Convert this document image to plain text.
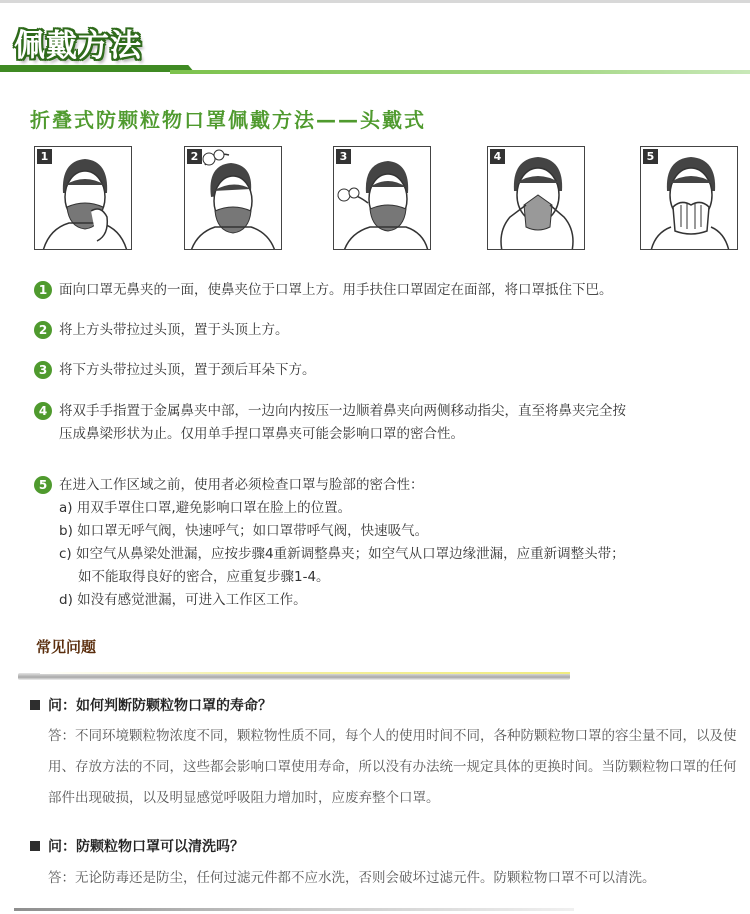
佩戴方法
折叠式防颗粒物口罩佩戴方法——头戴式
1	2	3	4	5
1 面向口罩无鼻夹的一面，使鼻夹位于口罩上方。用手扶住口罩固定在面部，将口罩抵住下巴。
2 将上方头带拉过头顶，置于头顶上方。
3 将下方头带拉过头顶，置于颈后耳朵下方。
4 将双手手指置于金属鼻夹中部，一边向内按压一边顺着鼻夹向两侧移动指尖，直至将鼻夹完全按
压成鼻梁形状为止。仅用单手捏口罩鼻夹可能会影响口罩的密合性。
5 在进入工作区域之前，使用者必须检查口罩与脸部的密合性：
a) 用双手罩住口罩,避免影响口罩在脸上的位置。
b) 如口罩无呼气阀，快速呼气；如口罩带呼气阀，快速吸气。
c) 如空气从鼻梁处泄漏，应按步骤4重新调整鼻夹；如空气从口罩边缘泄漏，应重新调整头带；
如不能取得良好的密合，应重复步骤1-4。
d) 如没有感觉泄漏，可进入工作区工作。
常见问题
问：如何判断防颗粒物口罩的寿命？
答：不同环境颗粒物浓度不同，颗粒物性质不同，每个人的使用时间不同，各种防颗粒物口罩的容尘量不同，以及使用、存放方法的不同，这些都会影响口罩使用寿命，所以没有办法统一规定具体的更换时间。当防颗粒物口罩的任何部件出现破损，以及明显感觉呼吸阻力增加时，应废弃整个口罩。
问：防颗粒物口罩可以清洗吗？
答：无论防毒还是防尘，任何过滤元件都不应水洗，否则会破坏过滤元件。防颗粒物口罩不可以清洗。
